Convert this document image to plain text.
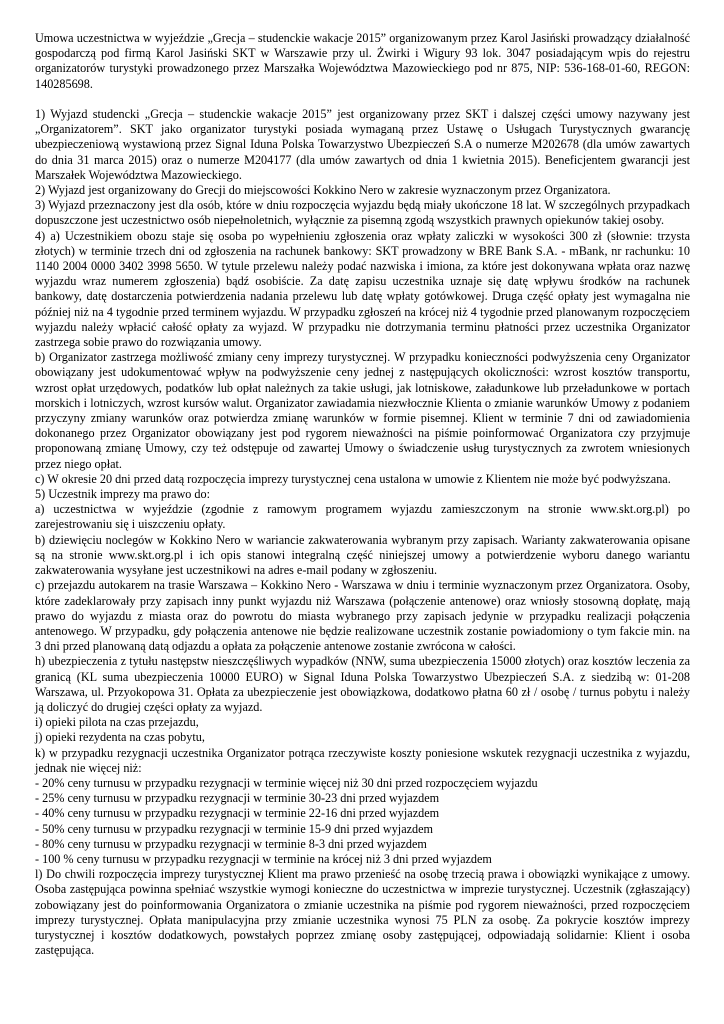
Umowa uczestnictwa w wyjeździe „Grecja – studenckie wakacje 2015” organizowanym przez Karol Jasiński prowadzący działalność gospodarczą pod firmą Karol Jasiński SKT w Warszawie przy ul. Żwirki i Wigury 93 lok. 3047 posiadającym wpis do rejestru organizatorów turystyki prowadzonego przez Marszałka Województwa Mazowieckiego pod nr 875, NIP: 536-168-01-60, REGON: 140285698.

1) Wyjazd studencki „Grecja – studenckie wakacje 2015” jest organizowany przez SKT i dalszej części umowy nazywany jest „Organizatorem”. SKT jako organizator turystyki posiada wymaganą przez Ustawę o Usługach Turystycznych gwarancję ubezpieczeniową wystawioną przez Signal Iduna Polska Towarzystwo Ubezpieczeń S.A o numerze M202678 (dla umów zawartych do dnia 31 marca 2015) oraz o numerze M204177 (dla umów zawartych od dnia 1 kwietnia 2015). Beneficjentem gwarancji jest Marszałek Województwa Mazowieckiego.

2) Wyjazd jest organizowany do Grecji do miejscowości Kokkino Nero w zakresie wyznaczonym przez Organizatora.

3) Wyjazd przeznaczony jest dla osób, które w dniu rozpoczęcia wyjazdu będą miały ukończone 18 lat. W szczególnych przypadkach dopuszczone jest uczestnictwo osób niepełnoletnich, wyłącznie za pisemną zgodą wszystkich prawnych opiekunów takiej osoby.

4) a) Uczestnikiem obozu staje się osoba po wypełnieniu zgłoszenia oraz wpłaty zaliczki w wysokości 300 zł (słownie: trzysta złotych) w terminie trzech dni od zgłoszenia na rachunek bankowy: SKT prowadzony w BRE Bank S.A. - mBank, nr rachunku: 10 1140 2004 0000 3402 3998 5650. W tytule przelewu należy podać nazwiska i imiona, za które jest dokonywana wpłata oraz nazwę wyjazdu wraz numerem zgłoszenia) bądź osobiście. Za datę zapisu uczestnika uznaje się datę wpływu środków na rachunek bankowy, datę dostarczenia potwierdzenia nadania przelewu lub datę wpłaty gotówkowej. Druga część opłaty jest wymagalna nie później niż na 4 tygodnie przed terminem wyjazdu. W przypadku zgłoszeń na krócej niż 4 tygodnie przed planowanym rozpoczęciem wyjazdu należy wpłacić całość opłaty za wyjazd. W przypadku nie dotrzymania terminu płatności przez uczestnika Organizator zastrzega sobie prawo do rozwiązania umowy.

b) Organizator zastrzega możliwość zmiany ceny imprezy turystycznej. W przypadku konieczności podwyższenia ceny Organizator obowiązany jest udokumentować wpływ na podwyższenie ceny jednej z następujących okoliczności: wzrost kosztów transportu, wzrost opłat urzędowych, podatków lub opłat należnych za takie usługi, jak lotniskowe, załadunkowe lub przeładunkowe w portach morskich i lotniczych, wzrost kursów walut. Organizator zawiadamia niezwłocznie Klienta o zmianie warunków Umowy z podaniem przyczyny zmiany warunków oraz potwierdza zmianę warunków w formie pisemnej. Klient w terminie 7 dni od zawiadomienia dokonanego przez Organizator obowiązany jest pod rygorem nieważności na piśmie poinformować Organizatora czy przyjmuje proponowaną zmianę Umowy, czy też odstępuje od zawartej Umowy o świadczenie usług turystycznych za zwrotem wniesionych przez niego opłat.

c) W okresie 20 dni przed datą rozpoczęcia imprezy turystycznej cena ustalona w umowie z Klientem nie może być podwyższana.

5) Uczestnik imprezy ma prawo do:

a) uczestnictwa w wyjeździe (zgodnie z ramowym programem wyjazdu zamieszczonym na stronie www.skt.org.pl) po zarejestrowaniu się i uiszczeniu opłaty.

b) dziewięciu noclegów w Kokkino Nero w wariancie zakwaterowania wybranym przy zapisach. Warianty zakwaterowania opisane są na stronie www.skt.org.pl i ich opis stanowi integralną część niniejszej umowy a potwierdzenie wyboru danego wariantu zakwaterowania wysyłane jest uczestnikowi na adres e-mail podany w zgłoszeniu.

c) przejazdu autokarem na trasie Warszawa – Kokkino Nero - Warszawa w dniu i terminie wyznaczonym przez Organizatora. Osoby, które zadeklarowały przy zapisach inny punkt wyjazdu niż Warszawa (połączenie antenowe) oraz wniosły stosowną dopłatę, mają prawo do wyjazdu z miasta oraz do powrotu do miasta wybranego przy zapisach jedynie w przypadku realizacji połączenia antenowego. W przypadku, gdy połączenia antenowe nie będzie realizowane uczestnik zostanie powiadomiony o tym fakcie min. na 3 dni przed planowaną datą odjazdu a opłata za połączenie antenowe zostanie zwrócona w całości.

h) ubezpieczenia z tytułu następstw nieszczęśliwych wypadków (NNW, suma ubezpieczenia 15000 złotych) oraz kosztów leczenia za granicą (KL suma ubezpieczenia 10000 EURO) w Signal Iduna Polska Towarzystwo Ubezpieczeń S.A. z siedzibą w: 01-208 Warszawa, ul. Przyokopowa 31. Opłata za ubezpieczenie jest obowiązkowa, dodatkowo płatna 60 zł / osobę / turnus pobytu i należy ją doliczyć do drugiej części opłaty za wyjazd.

i) opieki pilota na czas przejazdu,

j) opieki rezydenta na czas pobytu,

k) w przypadku rezygnacji uczestnika Organizator potrąca rzeczywiste koszty poniesione wskutek rezygnacji uczestnika z wyjazdu, jednak nie więcej niż:

- 20% ceny turnusu w przypadku rezygnacji w terminie więcej niż 30 dni przed rozpoczęciem wyjazdu

- 25% ceny turnusu w przypadku rezygnacji w terminie 30-23 dni przed wyjazdem

- 40% ceny turnusu w przypadku rezygnacji w terminie 22-16 dni przed wyjazdem

- 50% ceny turnusu w przypadku rezygnacji w terminie 15-9 dni przed wyjazdem

- 80% ceny turnusu w przypadku rezygnacji w terminie 8-3 dni przed wyjazdem

- 100 % ceny turnusu w przypadku rezygnacji w terminie na krócej niż 3 dni przed wyjazdem

l) Do chwili rozpoczęcia imprezy turystycznej Klient ma prawo przenieść na osobę trzecią prawa i obowiązki wynikające z umowy. Osoba zastępująca powinna spełniać wszystkie wymogi konieczne do uczestnictwa w imprezie turystycznej. Uczestnik (zgłaszający) zobowiązany jest do poinformowania Organizatora o zmianie uczestnika na piśmie pod rygorem nieważności, przed rozpoczęciem imprezy turystycznej. Opłata manipulacyjna przy zmianie uczestnika wynosi 75 PLN za osobę. Za pokrycie kosztów imprezy turystycznej i kosztów dodatkowych, powstałych poprzez zmianę osoby zastępującej, odpowiadają solidarnie: Klient i osoba zastępująca.
